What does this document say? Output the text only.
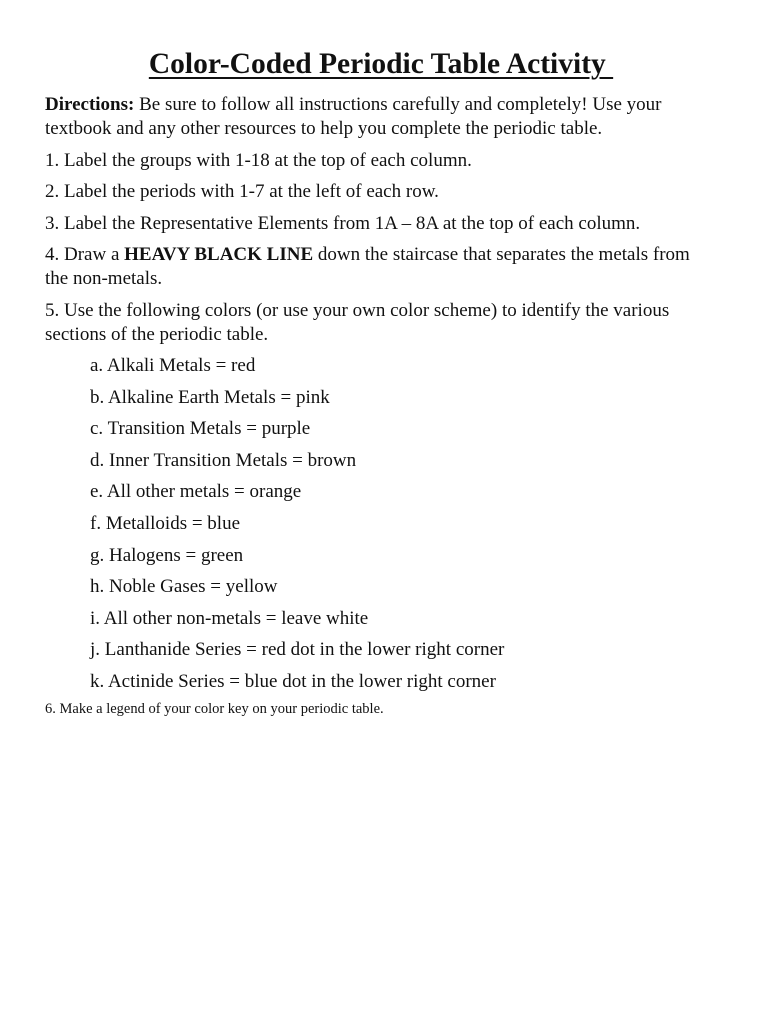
Color-Coded Periodic Table Activity

Directions: Be sure to follow all instructions carefully and completely! Use your textbook and any other resources to help you complete the periodic table.

1. Label the groups with 1-18 at the top of each column.

2. Label the periods with 1-7 at the left of each row.

3. Label the Representative Elements from 1A – 8A at the top of each column.

4. Draw a HEAVY BLACK LINE down the staircase that separates the metals from the non-metals.

5. Use the following colors (or use your own color scheme) to identify the various sections of the periodic table.

a. Alkali Metals = red

b. Alkaline Earth Metals = pink

c. Transition Metals = purple

d. Inner Transition Metals = brown

e. All other metals = orange

f. Metalloids = blue

g. Halogens = green

h. Noble Gases = yellow

i. All other non-metals = leave white

j. Lanthanide Series = red dot in the lower right corner

k. Actinide Series = blue dot in the lower right corner

6. Make a legend of your color key on your periodic table.
